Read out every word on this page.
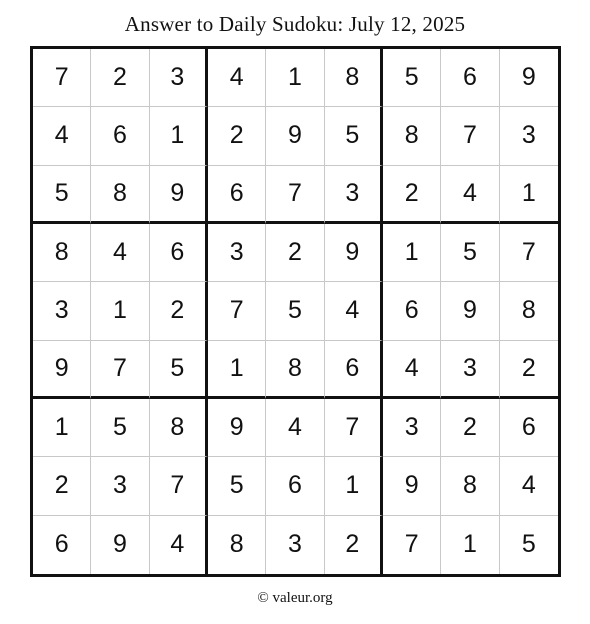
Answer to Daily Sudoku: July 12, 2025
7	2	3	4	1	8	5	6	9
4	6	1	2	9	5	8	7	3
5	8	9	6	7	3	2	4	1
8	4	6	3	2	9	1	5	7
3	1	2	7	5	4	6	9	8
9	7	5	1	8	6	4	3	2
1	5	8	9	4	7	3	2	6
2	3	7	5	6	1	9	8	4
6	9	4	8	3	2	7	1	5
© valeur.org
